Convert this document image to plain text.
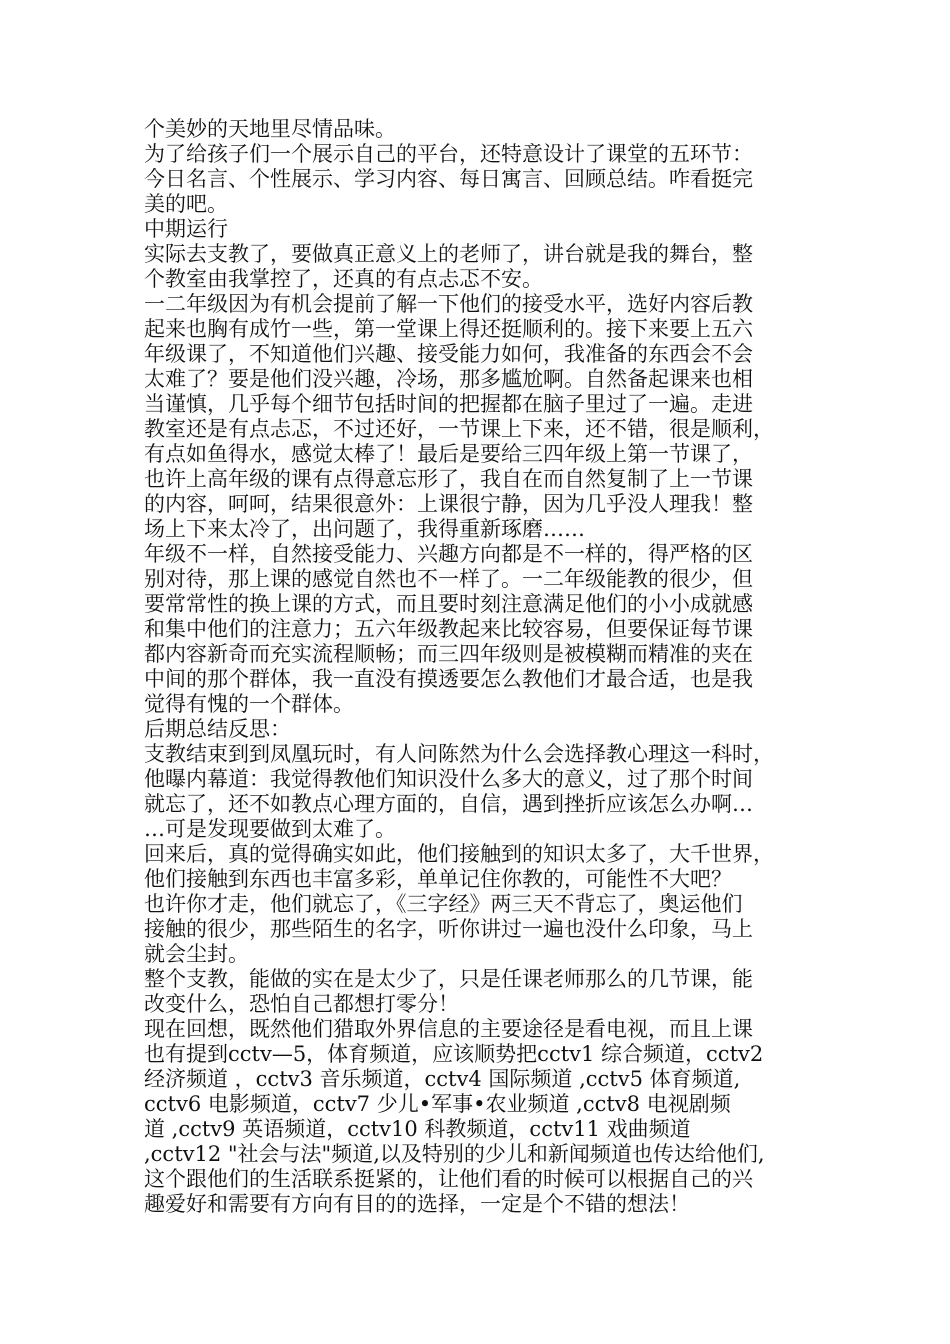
个美妙的天地里尽情品味。

为了给孩子们一个展示自己的平台，还特意设计了课堂的五环节：

今日名言、个性展示、学习内容、每日寓言、回顾总结。咋看挺完

美的吧。

中期运行

实际去支教了，要做真正意义上的老师了，讲台就是我的舞台，整

个教室由我掌控了，还真的有点忐忑不安。

一二年级因为有机会提前了解一下他们的接受水平，选好内容后教

起来也胸有成竹一些，第一堂课上得还挺顺利的。接下来要上五六

年级课了，不知道他们兴趣、接受能力如何，我准备的东西会不会

太难了？要是他们没兴趣，冷场，那多尴尬啊。自然备起课来也相

当谨慎，几乎每个细节包括时间的把握都在脑子里过了一遍。走进

教室还是有点忐忑，不过还好，一节课上下来，还不错，很是顺利，

有点如鱼得水，感觉太棒了！最后是要给三四年级上第一节课了，

也许上高年级的课有点得意忘形了，我自在而自然复制了上一节课

的内容，呵呵，结果很意外：上课很宁静，因为几乎没人理我！整

场上下来太冷了，出问题了，我得重新琢磨……

年级不一样，自然接受能力、兴趣方向都是不一样的，得严格的区

别对待，那上课的感觉自然也不一样了。一二年级能教的很少，但

要常常性的换上课的方式，而且要时刻注意满足他们的小小成就感

和集中他们的注意力；五六年级教起来比较容易，但要保证每节课

都内容新奇而充实流程顺畅；而三四年级则是被模糊而精准的夹在

中间的那个群体，我一直没有摸透要怎么教他们才最合适，也是我

觉得有愧的一个群体。

后期总结反思：

支教结束到到凤凰玩时，有人问陈然为什么会选择教心理这一科时，

他曝内幕道：我觉得教他们知识没什么多大的意义，过了那个时间

就忘了，还不如教点心理方面的，自信，遇到挫折应该怎么办啊…

…可是发现要做到太难了。

回来后，真的觉得确实如此，他们接触到的知识太多了，大千世界，

他们接触到东西也丰富多彩，单单记住你教的，可能性不大吧？

也许你才走，他们就忘了，《三字经》两三天不背忘了，奥运他们

接触的很少，那些陌生的名字，听你讲过一遍也没什么印象，马上

就会尘封。

整个支教，能做的实在是太少了，只是任课老师那么的几节课，能

改变什么，恐怕自己都想打零分！

现在回想，既然他们猎取外界信息的主要途径是看电视，而且上课

也有提到cctv—5，体育频道，应该顺势把cctv1 综合频道，cctv2

经济频道 ，cctv3 音乐频道，cctv4 国际频道 ,cctv5 体育频道,

cctv6 电影频道，cctv7 少儿•军事•农业频道 ,cctv8 电视剧频

道 ,cctv9 英语频道，cctv10 科教频道，cctv11 戏曲频道

,cctv12 "社会与法"频道,以及特别的少儿和新闻频道也传达给他们,

这个跟他们的生活联系挺紧的，让他们看的时候可以根据自己的兴

趣爱好和需要有方向有目的的选择，一定是个不错的想法！
